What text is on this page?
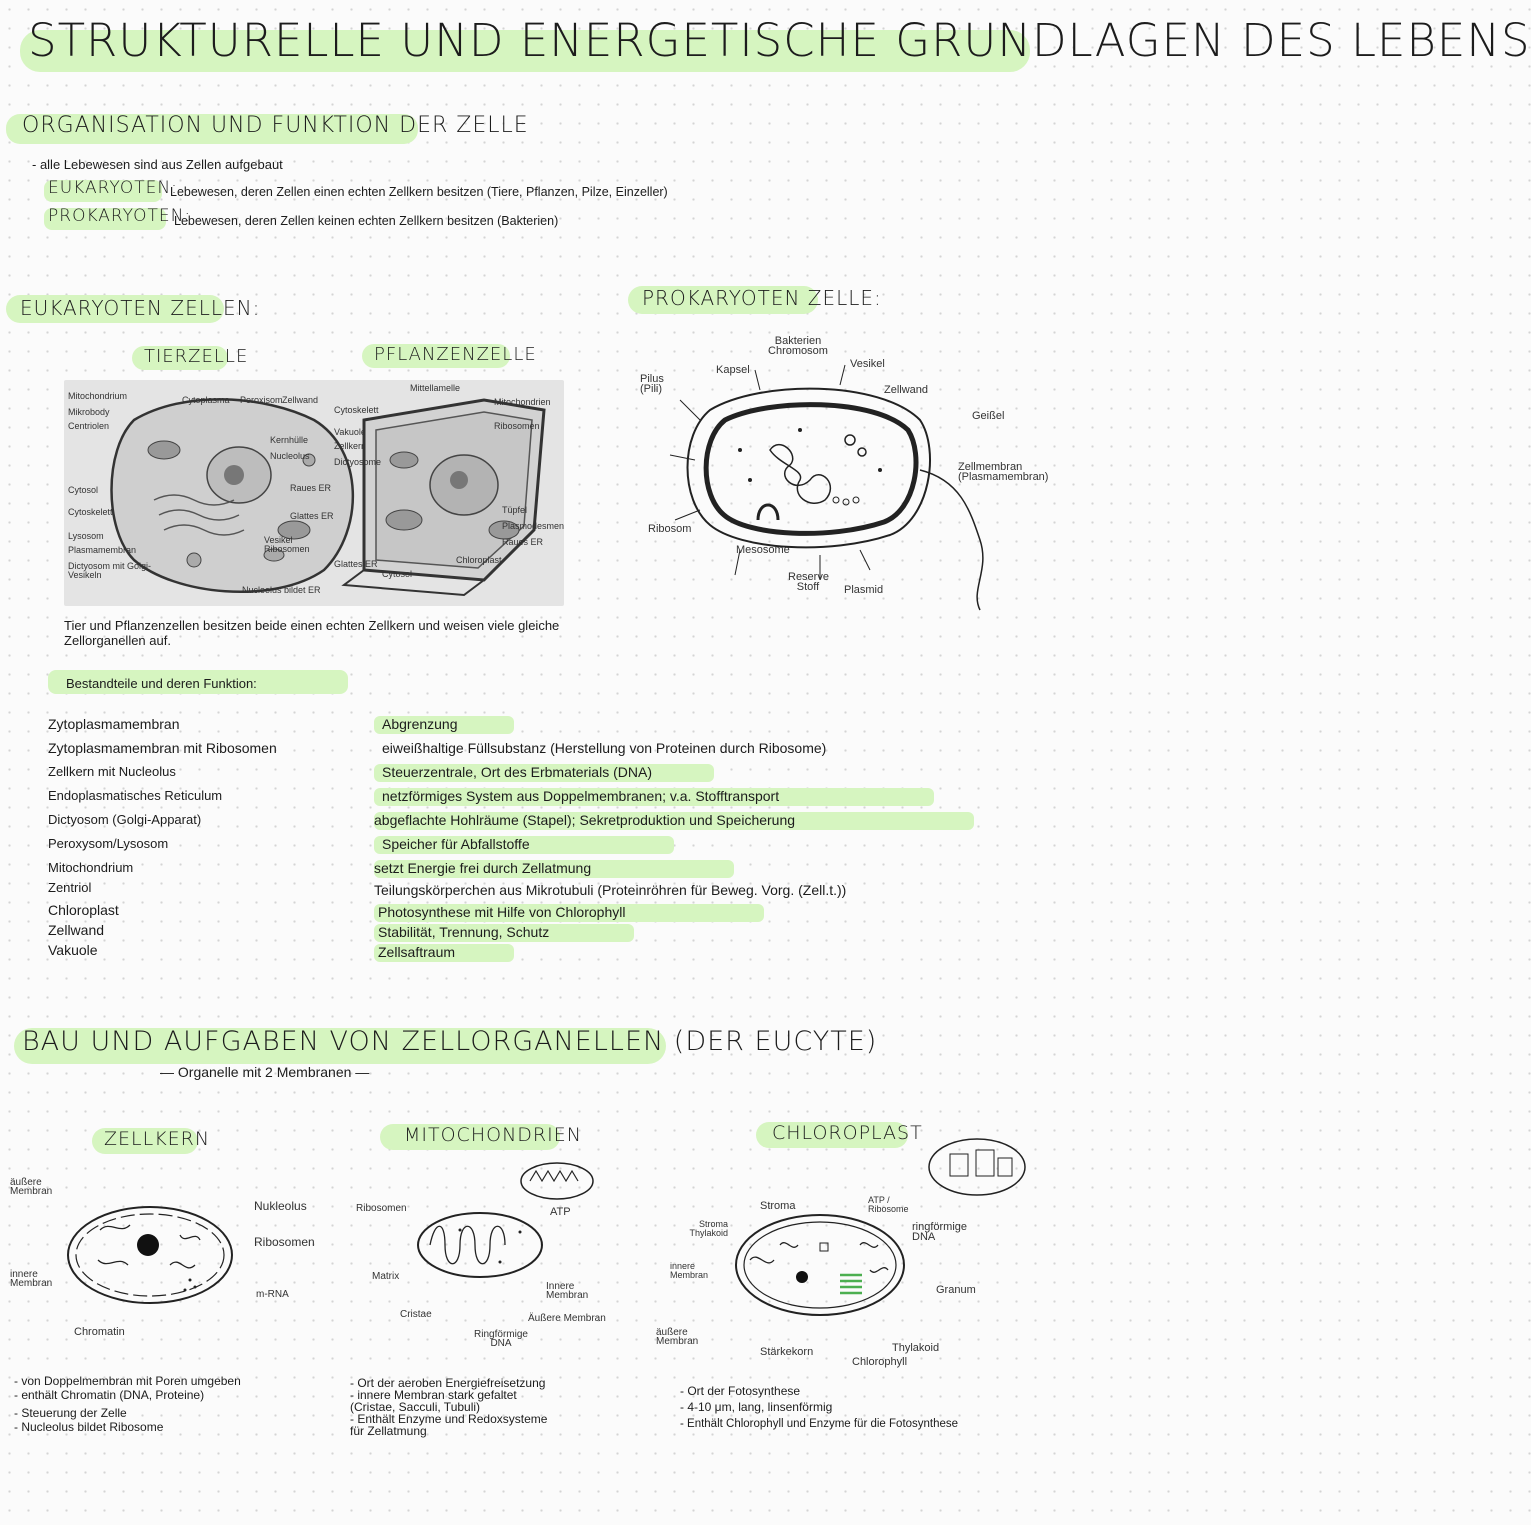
STRUKTURELLE UND ENERGETISCHE GRUNDLAGEN DES LEBENS
ORGANISATION UND FUNKTION DER ZELLE
- alle Lebewesen sind aus Zellen aufgebaut
EUKARYOTEN:
Lebewesen, deren Zellen einen echten Zellkern besitzen (Tiere, Pflanzen, Pilze, Einzeller)
PROKARYOTEN:
Lebewesen, deren Zellen keinen echten Zellkern besitzen (Bakterien)
EUKARYOTEN ZELLEN:
TIERZELLE	PFLANZENZELLE
Mitochondrium
Mikrobody
Centriolen
Cytosol
Cytoskelett
Lysosom
Plasmamembran
Dictyosom mit Golgi-Vesikeln
Cytoplasma Peroxisom Zellwand
Kernhülle
Nucleolus
Raues ER
Glattes ER
Vesikel Ribosomen
Nucleolus bildet ER
Mittellamelle
Cytoskelett
Vakuole
Zellkern
Dictyosome
Mitochondrien
Ribosomen
Tüpfel
Plasmodesmen
Raues ER
Chloroplast
Glattes ER
Cytosol
Tier und Pflanzenzellen besitzen beide einen echten Zellkern und weisen viele gleiche Zellorganellen auf.
PROKARYOTEN ZELLE:
Bakterien Chromosom
Kapsel	Vesikel
Pilus (Pili)	Zellwand
Geißel
Zellmembran (Plasmamembran)
Ribosom
Mesosome
Reserve Stoff	Plasmid
Bestandteile und deren Funktion:
Zytoplasmamembran	Abgrenzung
Zytoplasmamembran mit Ribosomen	eiweißhaltige Füllsubstanz (Herstellung von Proteinen durch Ribosome)
Zellkern mit Nucleolus	Steuerzentrale, Ort des Erbmaterials (DNA)
Endoplasmatisches Reticulum	netzförmiges System aus Doppelmembranen; v.a. Stofftransport
Dictyosom (Golgi-Apparat)	abgeflachte Hohlräume (Stapel); Sekretproduktion und Speicherung
Peroxysom/Lysosom	Speicher für Abfallstoffe
Mitochondrium	setzt Energie frei durch Zellatmung
Zentriol	Teilungskörperchen aus Mikrotubuli (Proteinröhren für Beweg. Vorg. (Zell.t.))
Chloroplast	Photosynthese mit Hilfe von Chlorophyll
Zellwand	Stabilität, Trennung, Schutz
Vakuole	Zellsaftraum
BAU UND AUFGABEN VON ZELLORGANELLEN (DER EUCYTE)
— Organelle mit 2 Membranen —
ZELLKERN
äußere Membran
Nukleolus
Ribosomen
innere Membran
m-RNA
Chromatin
- von Doppelmembran mit Poren umgeben
- enthält Chromatin (DNA, Proteine)
- Steuerung der Zelle
- Nucleolus bildet Ribosome
MITOCHONDRIEN
Ribosomen	ATP
Matrix
Innere Membran
Cristae	Äußere Membran
Ringförmige DNA
- Ort der aeroben Energiefreisetzung
- innere Membran stark gefaltet
(Cristae, Sacculi, Tubuli)
- Enthält Enzyme und Redoxsysteme
für Zellatmung
CHLOROPLAST
Stroma	ATP / Ribosome
Stroma Thylakoid	ringförmige DNA
innere Membran
Granum
äußere Membran
Stärkekorn	Thylakoid
Chlorophyll
- Ort der Fotosynthese
- 4-10 μm, lang, linsenförmig
- Enthält Chlorophyll und Enzyme für die Fotosynthese
